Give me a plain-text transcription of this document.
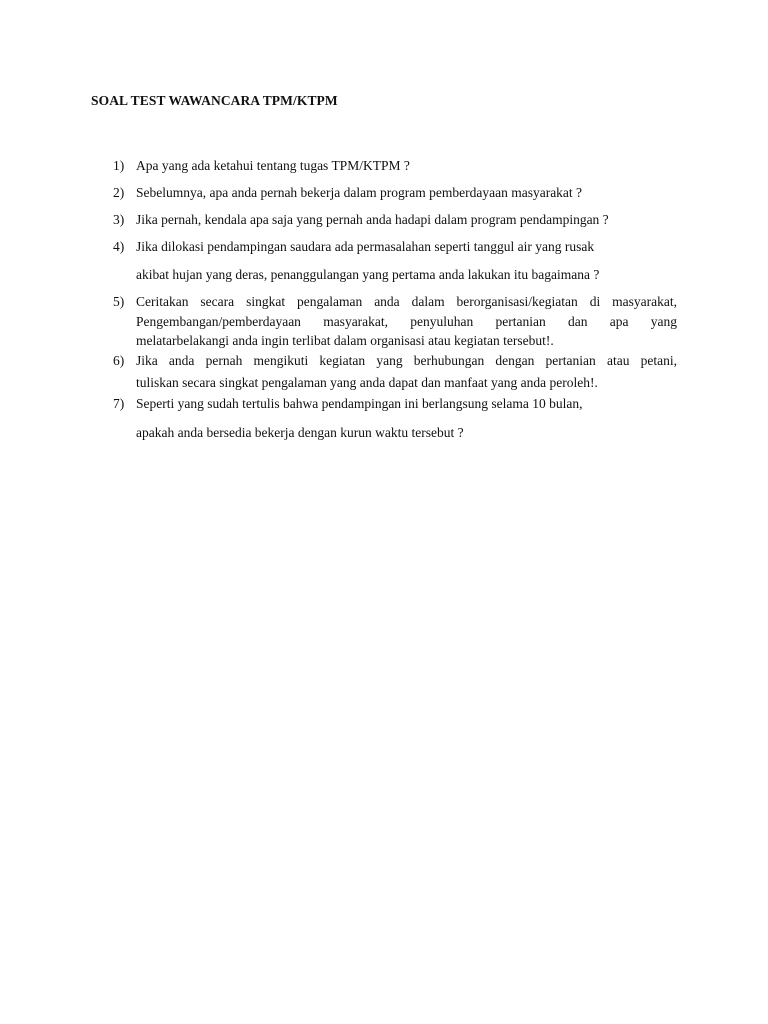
SOAL TEST WAWANCARA TPM/KTPM
1) Apa yang ada ketahui tentang tugas TPM/KTPM ?
2) Sebelumnya, apa anda pernah bekerja dalam program pemberdayaan masyarakat ?
3) Jika pernah, kendala apa saja yang pernah anda hadapi dalam program pendampingan ?
4) Jika dilokasi pendampingan saudara ada permasalahan seperti tanggul air yang rusak
akibat hujan yang deras, penanggulangan yang pertama anda lakukan itu bagaimana ?
5) Ceritakan secara singkat pengalaman anda dalam berorganisasi/kegiatan di masyarakat,
Pengembangan/pemberdayaan masyarakat, penyuluhan pertanian dan apa yang
melatarbelakangi anda ingin terlibat dalam organisasi atau kegiatan tersebut!.
6) Jika anda pernah mengikuti kegiatan yang berhubungan dengan pertanian atau petani,
tuliskan secara singkat pengalaman yang anda dapat dan manfaat yang anda peroleh!.
7) Seperti yang sudah tertulis bahwa pendampingan ini berlangsung selama 10 bulan,
apakah anda bersedia bekerja dengan kurun waktu tersebut ?
